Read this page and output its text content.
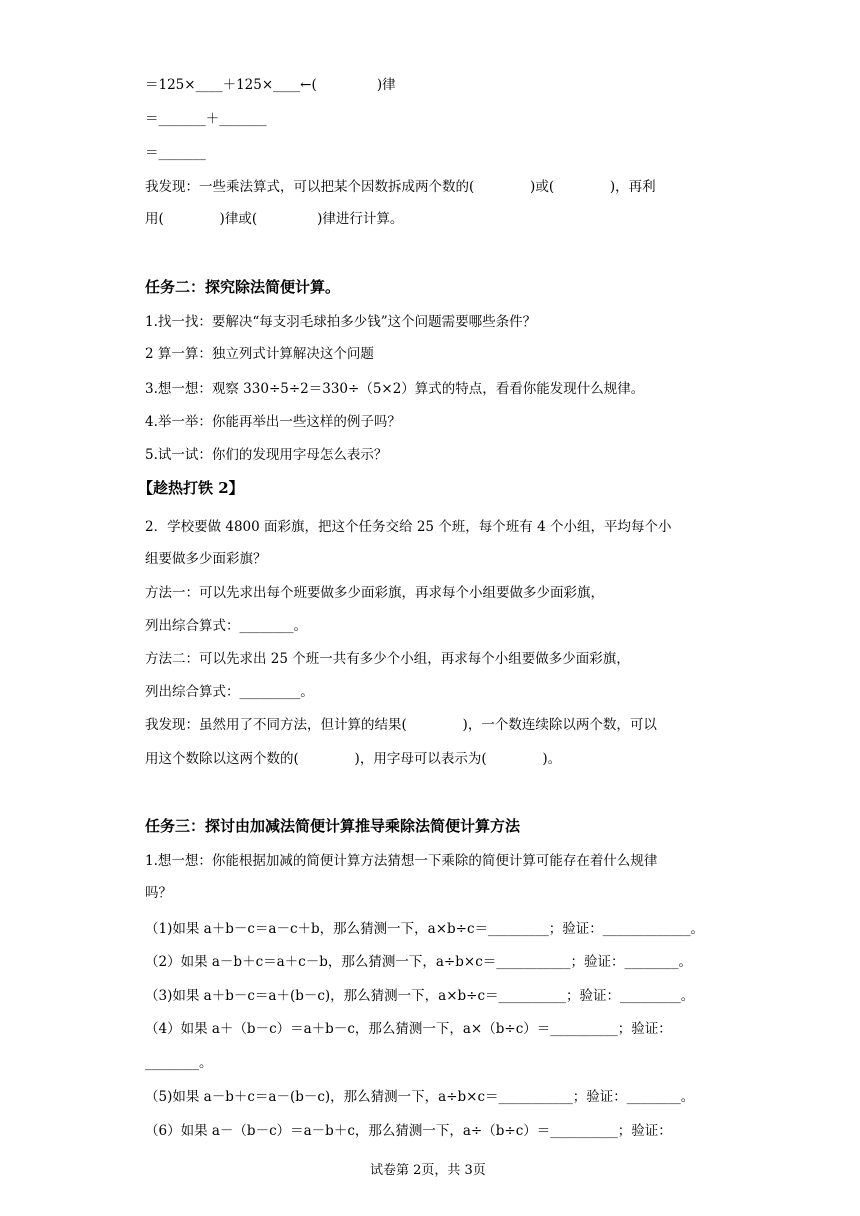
＝125×____＋125×____←(              )律
＝_______＋_______
＝_______
我发现：一些乘法算式，可以把某个因数拆成两个数的(             )或(             )，再利
用(             )律或(              )律进行计算。
任务二：探究除法简便计算。
1.找一找：要解决“每支羽毛球拍多少钱”这个问题需要哪些条件？
2 算一算：独立列式计算解决这个问题
3.想一想：观察 330÷5÷2＝330÷（5×2）算式的特点，看看你能发现什么规律。
4.举一举：你能再举出一些这样的例子吗？
5.试一试：你们的发现用字母怎么表示？
【趁热打铁 2】
2．学校要做 4800 面彩旗，把这个任务交给 25 个班，每个班有 4 个小组，平均每个小
组要做多少面彩旗？
方法一：可以先求出每个班要做多少面彩旗，再求每个小组要做多少面彩旗，
列出综合算式：________。
方法二：可以先求出 25 个班一共有多少个小组，再求每个小组要做多少面彩旗，
列出综合算式：_________。
我发现：虽然用了不同方法，但计算的结果(             )，一个数连续除以两个数，可以
用这个数除以这两个数的(             )，用字母可以表示为(             )。
任务三：探讨由加减法简便计算推导乘除法简便计算方法
1.想一想：你能根据加减的简便计算方法猜想一下乘除的简便计算可能存在着什么规律
吗？
（1)如果 a＋b－c＝a－c＋b，那么猜测一下，a×b÷c＝_________；验证：_____________。
（2）如果 a－b＋c＝a＋c－b，那么猜测一下，a÷b×c＝___________；验证：________。
（3)如果 a＋b－c＝a＋(b－c)，那么猜测一下，a×b÷c＝__________；验证：_________。
（4）如果 a＋（b－c）＝a＋b－c，那么猜测一下，a×（b÷c）＝__________；验证：
________。
（5)如果 a－b＋c＝a－(b－c)，那么猜测一下，a÷b×c＝___________；验证：________。
（6）如果 a－（b－c）＝a－b＋c，那么猜测一下，a÷（b÷c）＝__________；验证：
试卷第 2页，共 3页
